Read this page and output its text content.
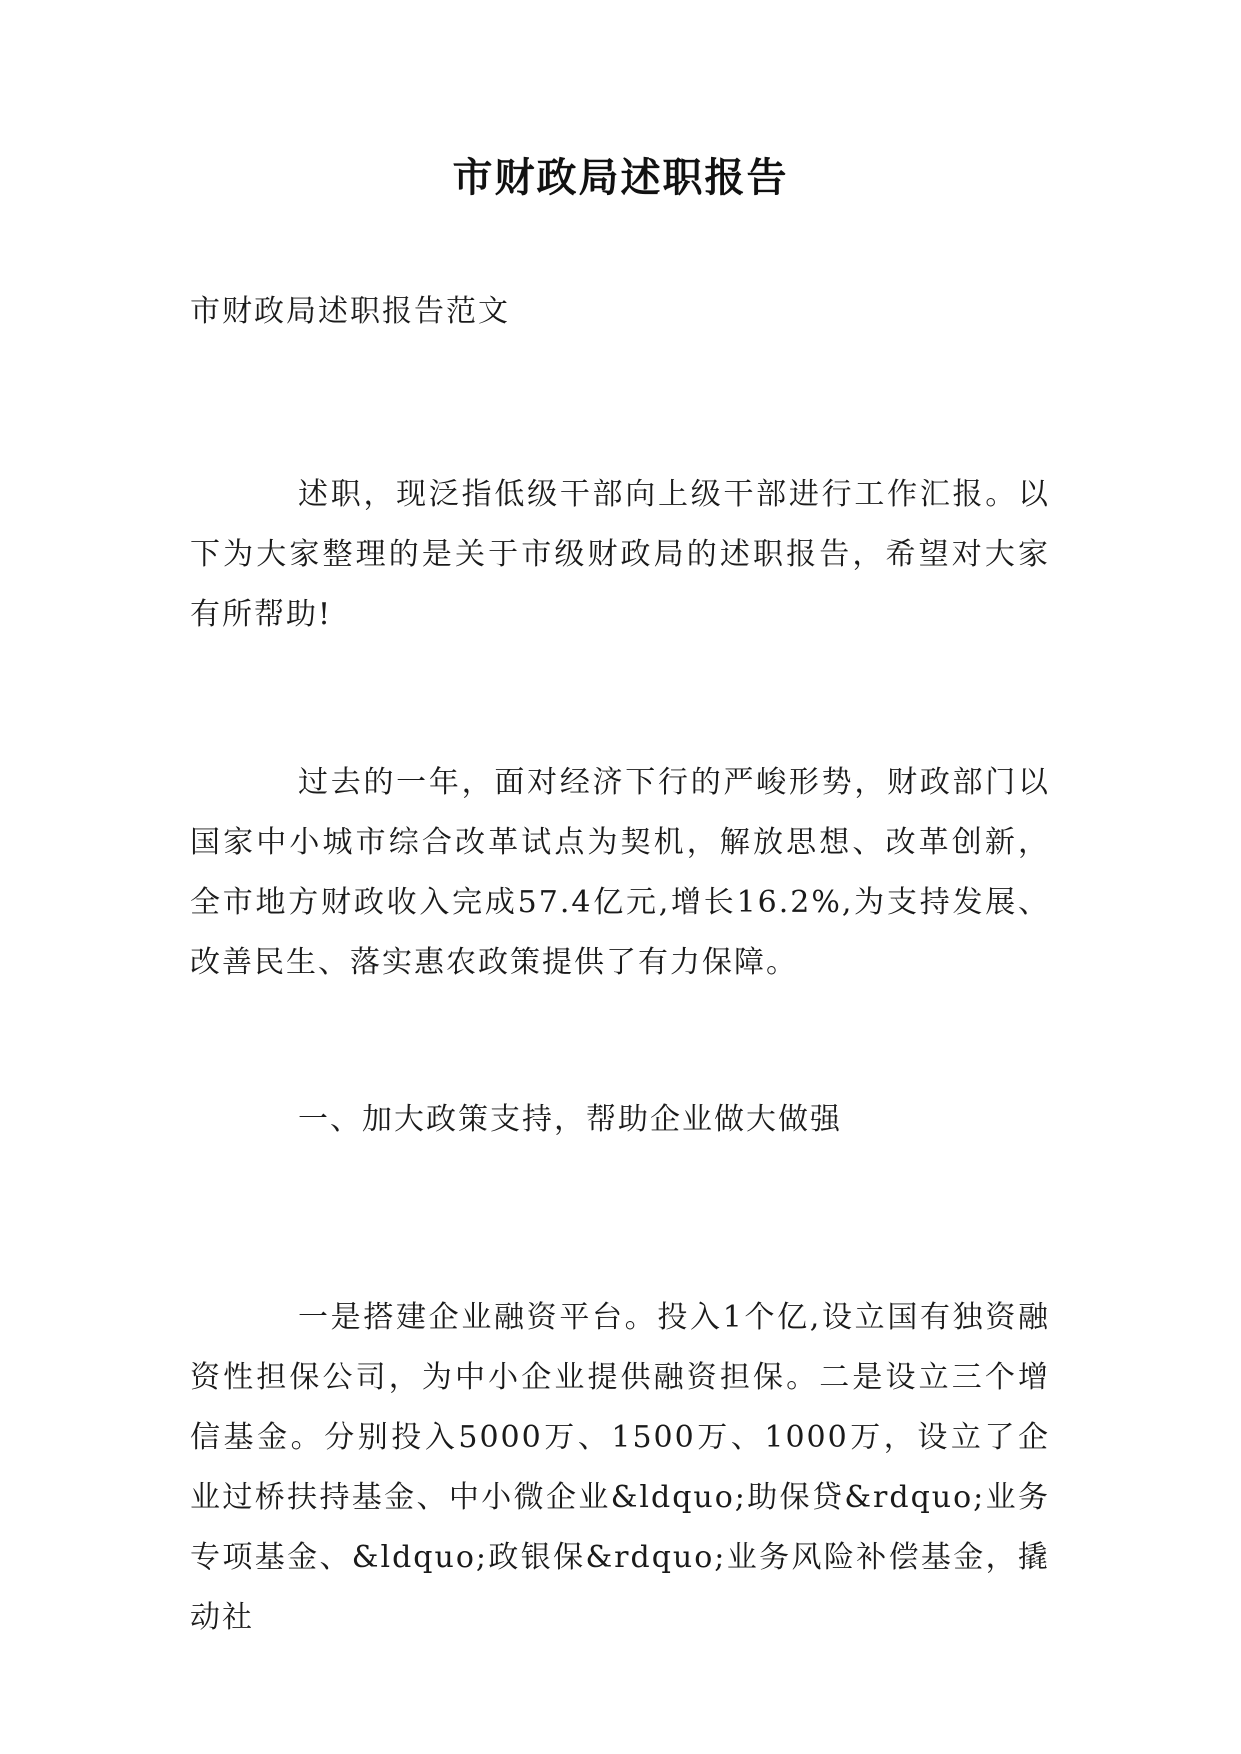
市财政局述职报告
市财政局述职报告范文
述职，现泛指低级干部向上级干部进行工作汇报。以下为大家整理的是关于市级财政局的述职报告，希望对大家有所帮助!
过去的一年，面对经济下行的严峻形势，财政部门以国家中小城市综合改革试点为契机，解放思想、改革创新，全市地方财政收入完成57.4亿元,增长16.2%,为支持发展、改善民生、落实惠农政策提供了有力保障。
一、加大政策支持，帮助企业做大做强
一是搭建企业融资平台。投入1个亿,设立国有独资融资性担保公司，为中小企业提供融资担保。二是设立三个增信基金。分别投入5000万、1500万、1000万，设立了企业过桥扶持基金、中小微企业&ldquo;助保贷&rdquo;业务专项基金、&ldquo;政银保&rdquo;业务风险补偿基金，撬动社
